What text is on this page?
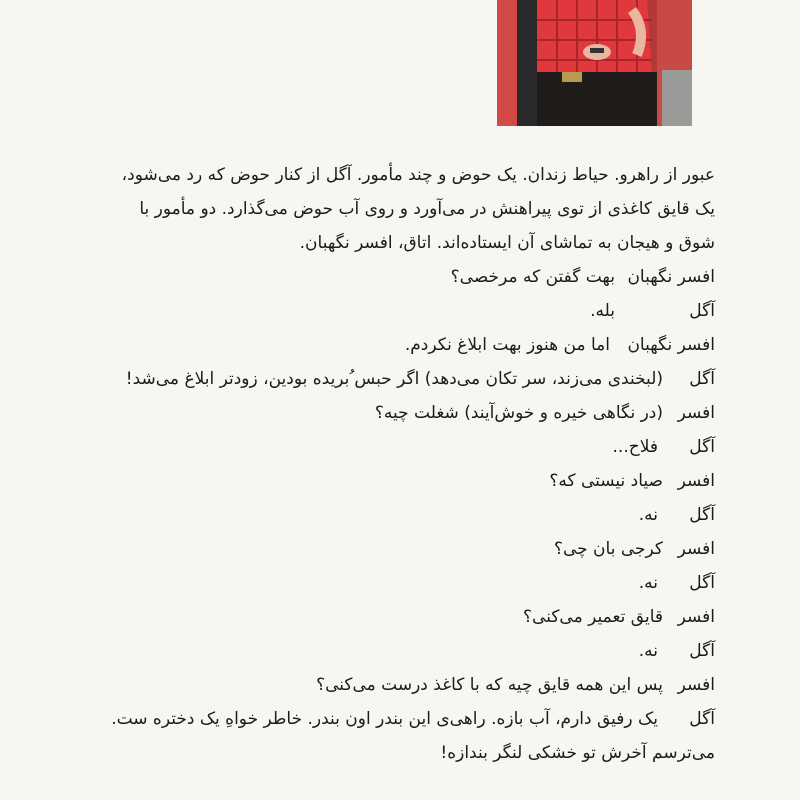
عبور از راهرو. حیاط زندان. یک حوض و چند مأمور. آگل از کنار حوض که رد می‌شود،
یک قایق کاغذی از توی پیراهنش در می‌آورد و روی آب حوض می‌گذارد. دو مأمور با
شوق و هیجان به تماشای آن ایستاده‌اند. اتاق، افسر نگهبان.

افسر نگهبان
بهت گفتن که مرخصی؟
آگل
بله.
افسر نگهبان
اما من هنوز بهت ابلاغ نکردم.
آگل
(لبخندی می‌زند، سر تکان می‌دهد) اگر حبس ُبریده بودین، زودتر ابلاغ می‌شد!
افسر
(در نگاهی خیره و خوش‌آیند) شغلت چیه؟
آگل
فلاح...
افسر
صیاد نیستی که؟
آگل
نه.
افسر
کرجی بان چی؟
آگل
نه.
افسر
قایق تعمیر می‌کنی؟
آگل
نه.
افسر
پس این همه قایق چیه که با کاغذ درست می‌کنی؟
آگل
یک رفیق دارم، آب بازه. راهی‌ی این بندر اون بندر. خاطر خواهِ یک دختره ست.
می‌ترسم آخرش تو خشکی لنگر بندازه!
